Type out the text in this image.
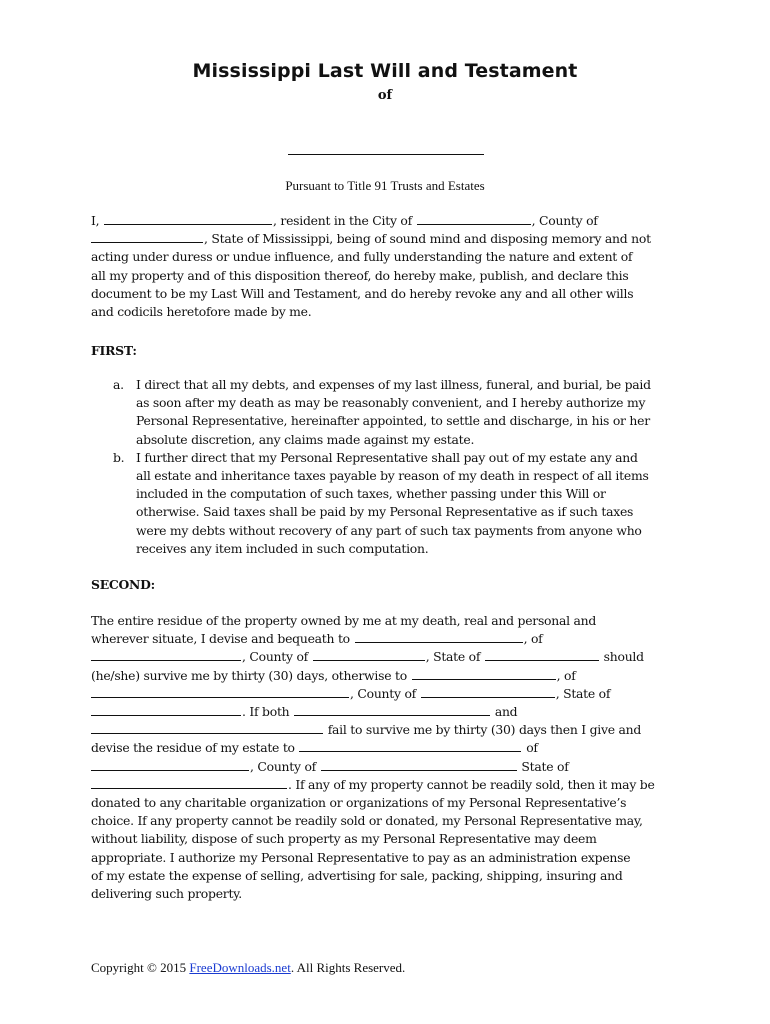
Mississippi Last Will and Testament
of
Pursuant to Title 91 Trusts and Estates
I,	, resident in the City of	, County of
, State of Mississippi, being of sound mind and disposing memory and not
acting under duress or undue influence, and fully understanding the nature and extent of
all my property and of this disposition thereof, do hereby make, publish, and declare this
document to be my Last Will and Testament, and do hereby revoke any and all other wills
and codicils heretofore made by me.
FIRST:
a. I direct that all my debts, and expenses of my last illness, funeral, and burial, be paid
as soon after my death as may be reasonably convenient, and I hereby authorize my
Personal Representative, hereinafter appointed, to settle and discharge, in his or her
absolute discretion, any claims made against my estate.
b. I further direct that my Personal Representative shall pay out of my estate any and
all estate and inheritance taxes payable by reason of my death in respect of all items
included in the computation of such taxes, whether passing under this Will or
otherwise. Said taxes shall be paid by my Personal Representative as if such taxes
were my debts without recovery of any part of such tax payments from anyone who
receives any item included in such computation.
SECOND:
The entire residue of the property owned by me at my death, real and personal and
wherever situate, I devise and bequeath to	, of
, County of	, State of	should
(he/she) survive me by thirty (30) days, otherwise to	, of
, County of	, State of
. If both	and
fail to survive me by thirty (30) days then I give and
devise the residue of my estate to	of
, County of	State of
. If any of my property cannot be readily sold, then it may be
donated to any charitable organization or organizations of my Personal Representative’s
choice. If any property cannot be readily sold or donated, my Personal Representative may,
without liability, dispose of such property as my Personal Representative may deem
appropriate. I authorize my Personal Representative to pay as an administration expense
of my estate the expense of selling, advertising for sale, packing, shipping, insuring and
delivering such property.
Copyright © 2015 FreeDownloads.net. All Rights Reserved.
